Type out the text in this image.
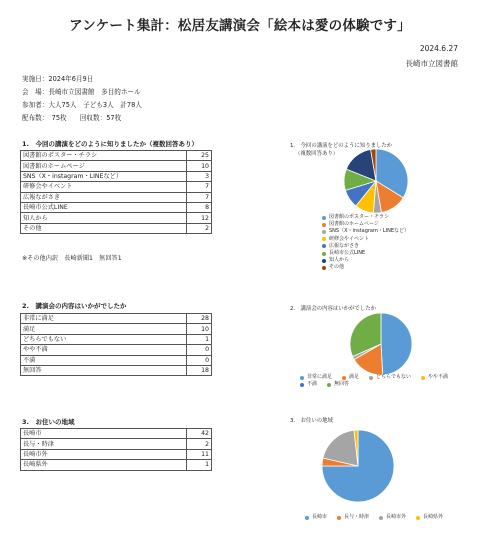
アンケート集計：松居友講演会「絵本は愛の体験です」
2024.6.27
長崎市立図書館
実施日：2024年6月9日
会　場：長崎市立図書館　多目的ホール
参加者：大人75人　子ども3人　計78人
配布数：　75枚　　回収数：57枚
1.　今回の講演をどのように知りましたか（複数回答あり）
図書館のポスター・チラシ	25
図書館のホームページ	10
SNS（X・instagram・LINEなど）	3
研修会やイベント	7
広報ながさき	7
長崎市公式LINE	8
知人から	12
その他	2
※その他内訳　長崎新聞1　無回答1
2.　講演会の内容はいかがでしたか
非常に満足	28
満足	10
どちらでもない	1
やや不満	0
不満	0
無回答	18
3.　お住いの地域
長崎市	42
長与・時津	2
長崎市外	11
長崎県外	1
1.　今回の講演をどのように知りましたか
（複数回答あり）
図書館のポスター・チラシ
図書館のホームページ
SNS（X・instagram・LINEなど）
研修会やイベント
広報ながさき
長崎市公式LINE
知人から
その他
2.　講演会の内容はいかがでしたか
非常に満足	満足	どちらでもない	やや不満
不満	無回答
3.　お住いの地域
長崎市	長与・時津	長崎市外	長崎県外
